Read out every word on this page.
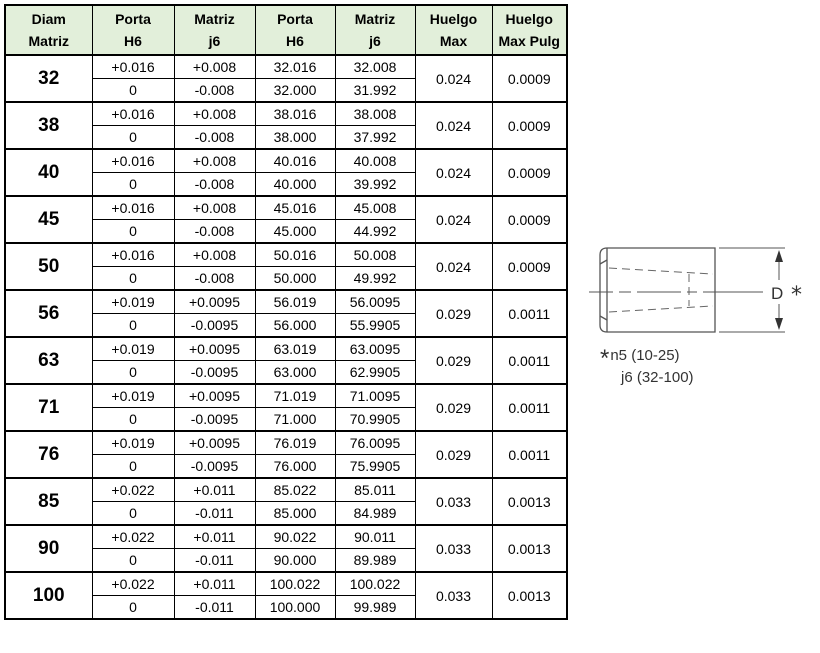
Diam	Porta	Matriz	Porta	Matriz	Huelgo	Huelgo
Matriz	H6	j6	H6	j6	Max	Max Pulg
32	+0.016	+0.008	32.016	32.008	0.024	0.0009
	0	-0.008	32.000	31.992		
38	+0.016	+0.008	38.016	38.008	0.024	0.0009
	0	-0.008	38.000	37.992		
40	+0.016	+0.008	40.016	40.008	0.024	0.0009
	0	-0.008	40.000	39.992		
45	+0.016	+0.008	45.016	45.008	0.024	0.0009
	0	-0.008	45.000	44.992		
50	+0.016	+0.008	50.016	50.008	0.024	0.0009
	0	-0.008	50.000	49.992		
56	+0.019	+0.0095	56.019	56.0095	0.029	0.0011
	0	-0.0095	56.000	55.9905		
63	+0.019	+0.0095	63.019	63.0095	0.029	0.0011
	0	-0.0095	63.000	62.9905		
71	+0.019	+0.0095	71.019	71.0095	0.029	0.0011
	0	-0.0095	71.000	70.9905		
76	+0.019	+0.0095	76.019	76.0095	0.029	0.0011
	0	-0.0095	76.000	75.9905		
85	+0.022	+0.011	85.022	85.011	0.033	0.0013
	0	-0.011	85.000	84.989		
90	+0.022	+0.011	90.022	90.011	0.033	0.0013
	0	-0.011	90.000	89.989		
100	+0.022	+0.011	100.022	100.022	0.033	0.0013
	0	-0.011	100.000	99.989		
D *
*n5 (10-25)
j6 (32-100)
